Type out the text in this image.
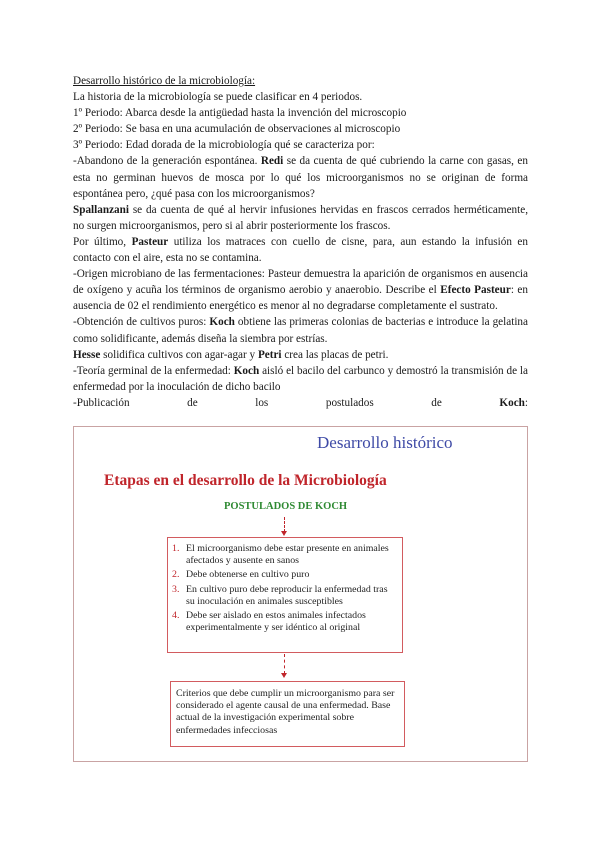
Desarrollo histórico de la microbiología:

La historia de la microbiología se puede clasificar en 4 periodos.

1º Periodo: Abarca desde la antigüedad hasta la invención del microscopio

2º Periodo: Se basa en una acumulación de observaciones al microscopio

3º Periodo: Edad dorada de la microbiología qué se caracteriza por:

-Abandono de la generación espontánea. Redi se da cuenta de qué cubriendo la carne con gasas, en esta no germinan huevos de mosca por lo qué los microorganismos no se originan de forma espontánea pero, ¿qué pasa con los microorganismos?

Spallanzani se da cuenta de qué al hervir infusiones hervidas en frascos cerrados herméticamente, no surgen microorganismos, pero si al abrir posteriormente los frascos.

Por último, Pasteur utiliza los matraces con cuello de cisne, para, aun estando la infusión en contacto con el aire, esta no se contamina.

-Origen microbiano de las fermentaciones: Pasteur demuestra la aparición de organismos en ausencia de oxígeno y acuña los términos de organismo aerobio y anaerobio. Describe el Efecto Pasteur: en ausencia de 02 el rendimiento energético es menor al no degradarse completamente el sustrato.

-Obtención de cultivos puros: Koch obtiene las primeras colonias de bacterias e introduce la gelatina como solidificante, además diseña la siembra por estrías.

Hesse solidifica cultivos con agar-agar y Petri crea las placas de petri.

-Teoría germinal de la enfermedad: Koch aisló el bacilo del carbunco y demostró la transmisión de la enfermedad por la inoculación de dicho bacilo

-Publicación	de	los	postulados	de	Koch:

Desarrollo histórico
Etapas en el desarrollo de la Microbiología
POSTULADOS DE KOCH
1. El microorganismo debe estar presente en animales afectados y ausente en sanos
2. Debe obtenerse en cultivo puro
3. En cultivo puro debe reproducir la enfermedad tras su inoculación en animales susceptibles
4. Debe ser aislado en estos animales infectados experimentalmente y ser idéntico al original
Criterios que debe cumplir un microorganismo para ser considerado el agente causal de una enfermedad. Base actual de la investigación experimental sobre enfermedades infecciosas
